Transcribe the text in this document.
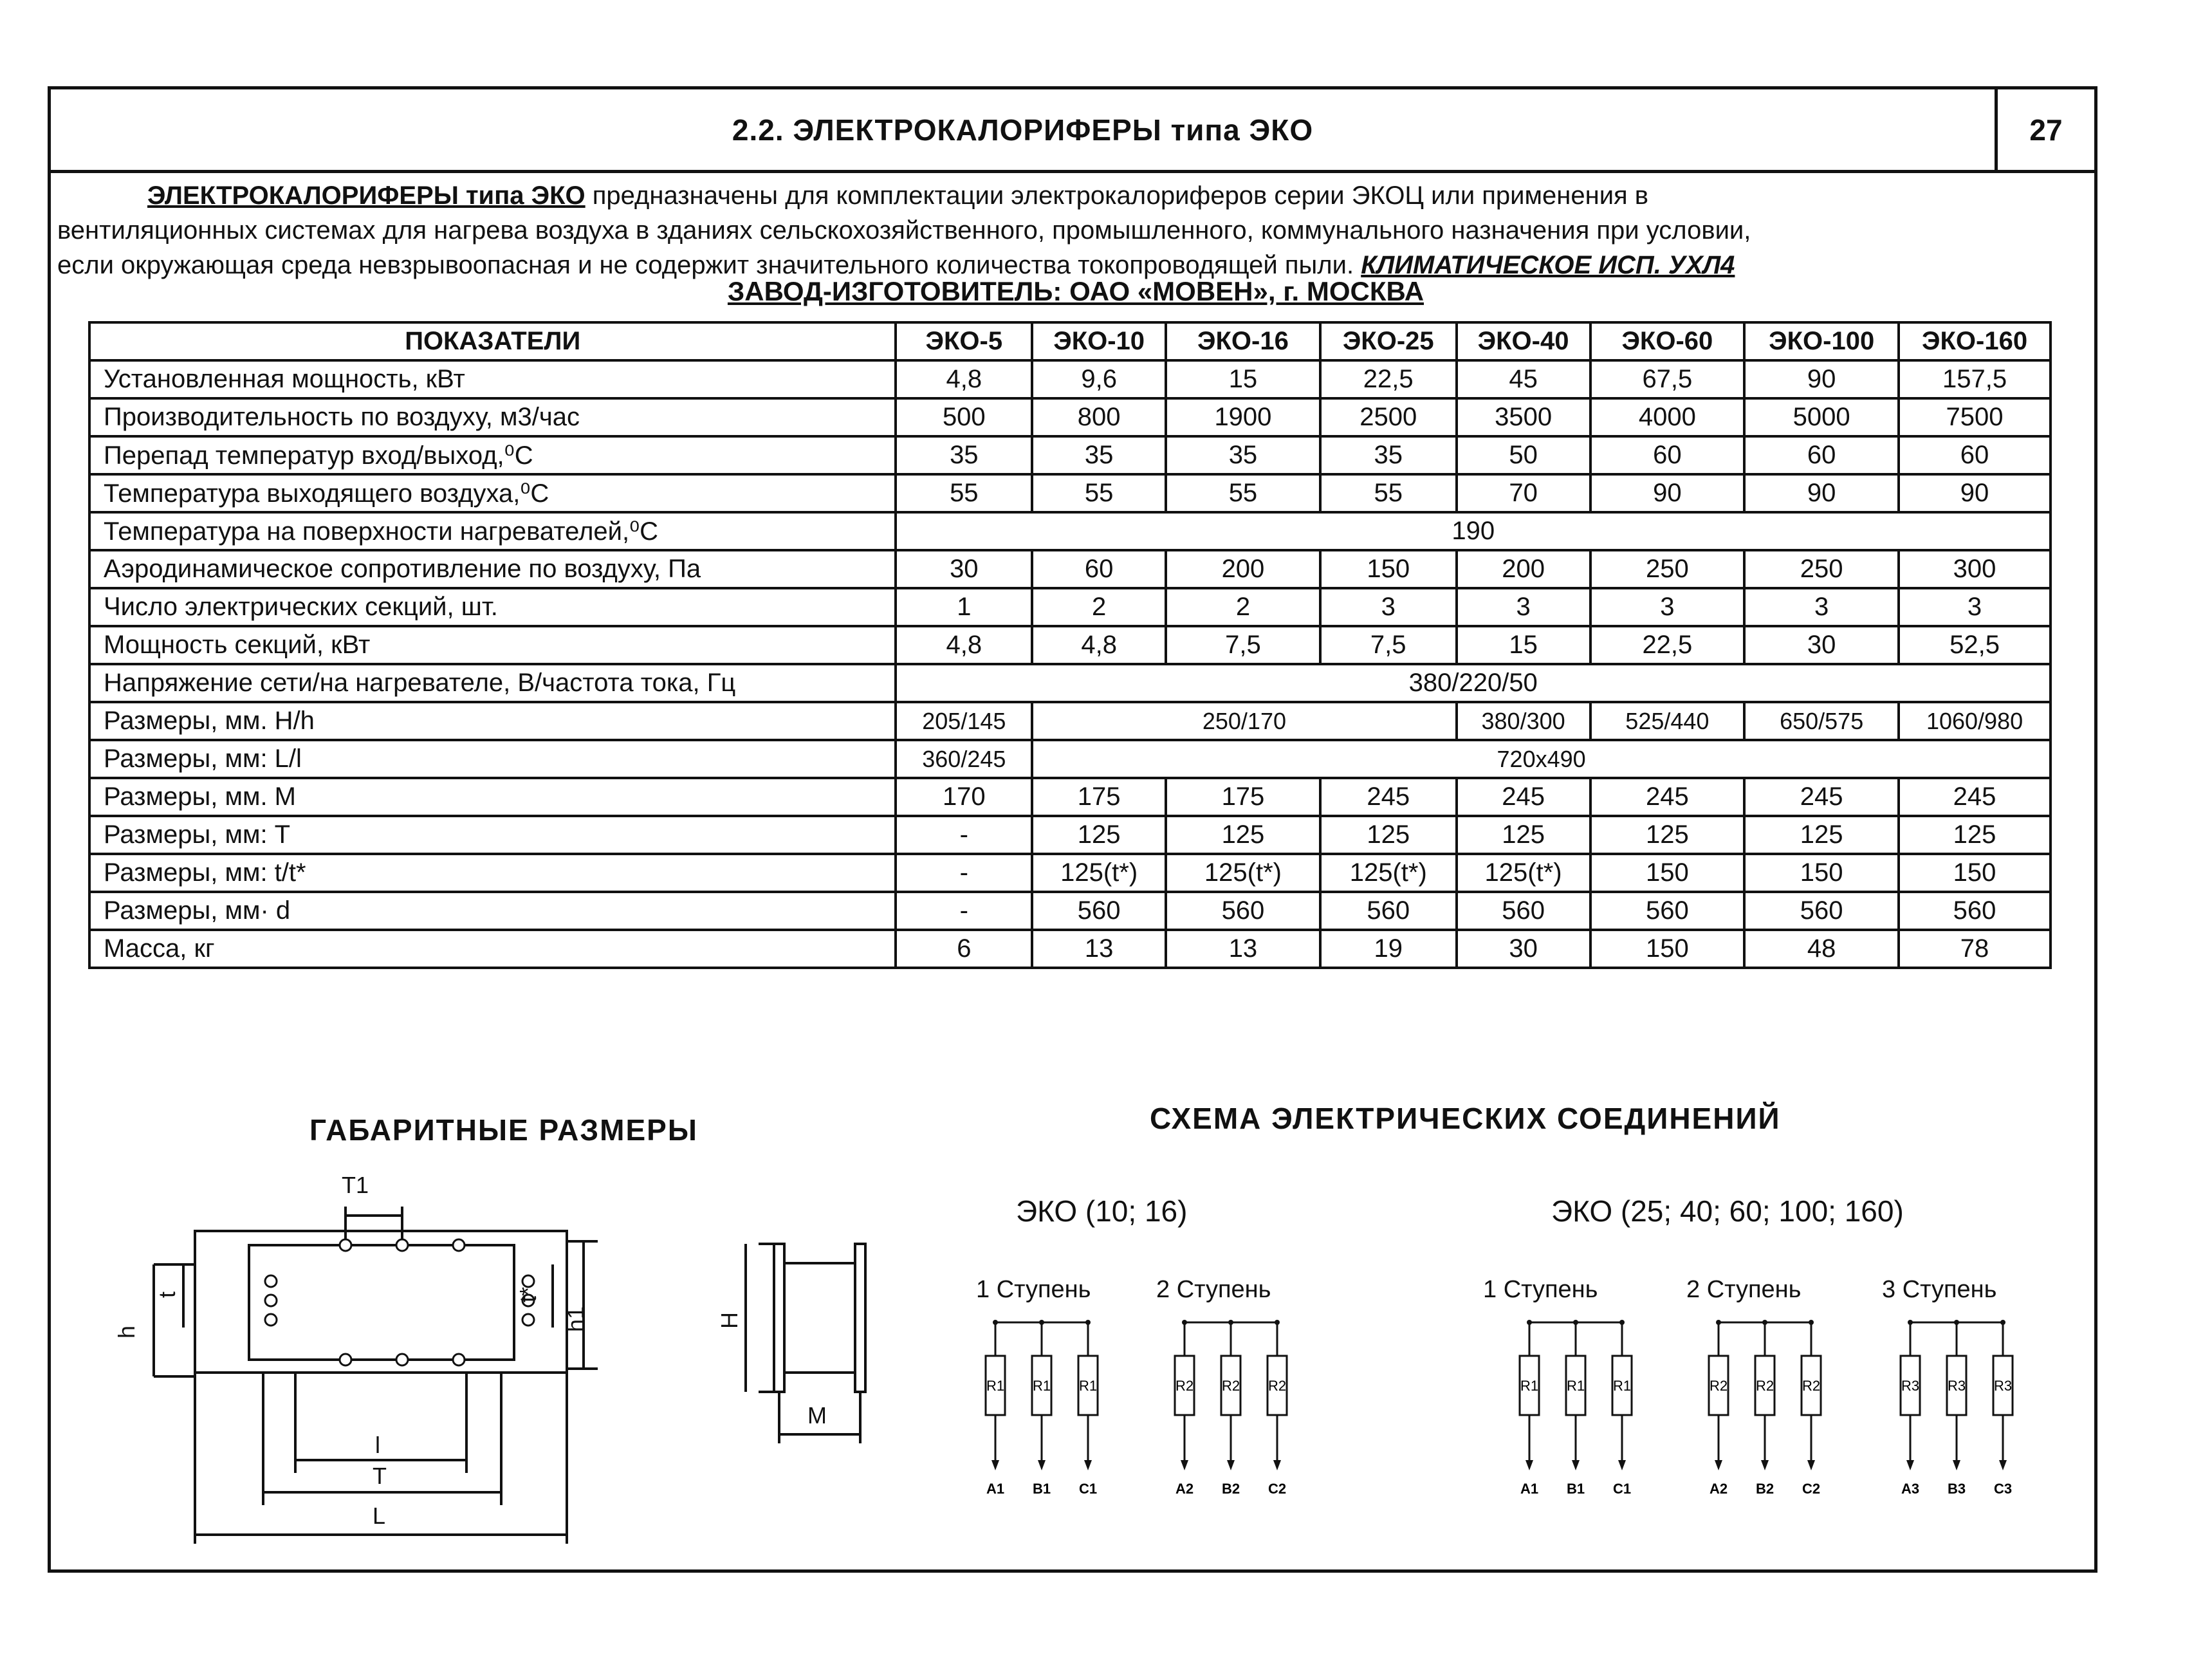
2.2. ЭЛЕКТРОКАЛОРИФЕРЫ типа ЭКО	27
ЭЛЕКТРОКАЛОРИФЕРЫ типа ЭКО предназначены для комплектации электрокалориферов серии ЭКОЦ или применения в
вентиляционных системах для нагрева воздуха в зданиях сельскохозяйственного, промышленного, коммунального назначения при условии,
если окружающая среда невзрывоопасная и не содержит значительного количества токопроводящей пыли. КЛИМАТИЧЕСКОЕ ИСП. УХЛ4
ЗАВОД-ИЗГОТОВИТЕЛЬ: ОАО «МОВЕН», г. МОСКВА
ПОКАЗАТЕЛИ	ЭКО-5	ЭКО-10	ЭКО-16	ЭКО-25	ЭКО-40	ЭКО-60	ЭКО-100	ЭКО-160
Установленная мощность, кВт	4,8	9,6	15	22,5	45	67,5	90	157,5
Производительность по воздуху, м3/час	500	800	1900	2500	3500	4000	5000	7500
Перепад температур вход/выход,⁰С	35	35	35	35	50	60	60	60
Температура выходящего воздуха,⁰С	55	55	55	55	70	90	90	90
Температура на поверхности нагревателей,⁰С	190							
Аэродинамическое сопротивление по воздуху, Па	30	60	200	150	200	250	250	300
Число электрических секций, шт.	1	2	2	3	3	3	3	3
Мощность секций, кВт	4,8	4,8	7,5	7,5	15	22,5	30	52,5
Напряжение сети/на нагревателе, В/частота тока, Гц	380/220/50							
Размеры, мм. H/h	205/145	250/170			380/300	525/440	650/575	1060/980
Размеры, мм: L/l	360/245	720х490						
Размеры, мм. М	170	175	175	245	245	245	245	245
Размеры, мм: Т	-	125	125	125	125	125	125	125
Размеры, мм: t/t*	-	125(t*)	125(t*)	125(t*)	125(t*)	150	150	150
Размеры, мм· d	-	560	560	560	560	560	560	560
Масса, кг	6	13	13	19	30	150	48	78
ГАБАРИТНЫЕ РАЗМЕРЫ
T1
h
t	t*
h1
l
T
L
H
M
СХЕМА ЭЛЕКТРИЧЕСКИХ СОЕДИНЕНИЙ
ЭКО (10; 16)	ЭКО (25; 40; 60; 100; 160)
1 Ступень	2 Ступень	1 Ступень	2 Ступень	3 Ступень
R1
A1
R1
B1
R1
C1
R2
A2
R2
B2
R2
C2
R1
A1
R1
B1
R1
C1
R2
A2
R2
B2
R2
C2
R3
A3
R3
B3
R3
C3
